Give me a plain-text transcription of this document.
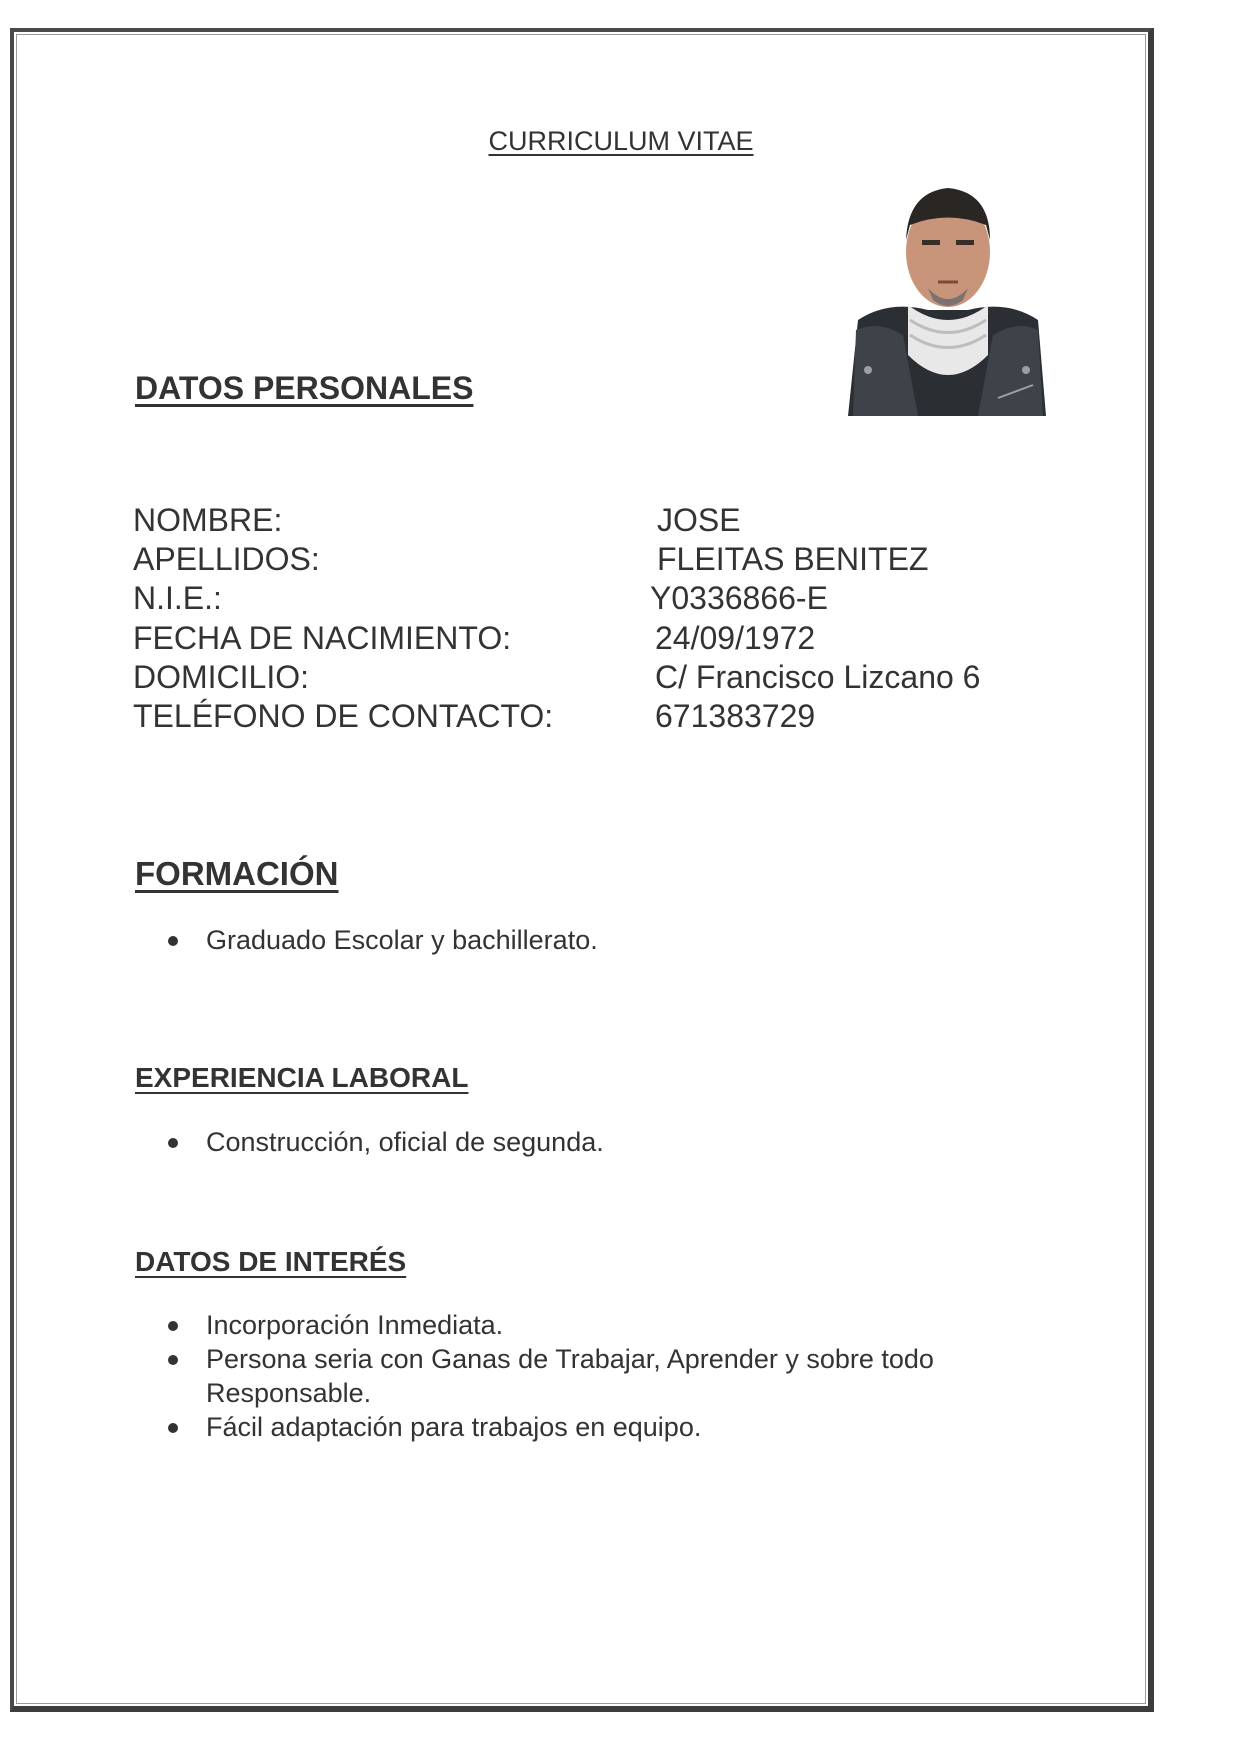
CURRICULUM VITAE
DATOS PERSONALES
NOMBRE:	JOSE
APELLIDOS:	FLEITAS BENITEZ
N.I.E.:	Y0336866-E
FECHA DE NACIMIENTO:	24/09/1972
DOMICILIO:	C/ Francisco Lizcano 6
TELÉFONO DE CONTACTO:	671383729
FORMACIÓN
Graduado Escolar y bachillerato.
EXPERIENCIA LABORAL
Construcción, oficial de segunda.
DATOS DE INTERÉS
Incorporación Inmediata.
Persona seria con Ganas de Trabajar, Aprender y sobre todo Responsable.
Fácil adaptación para trabajos en equipo.
